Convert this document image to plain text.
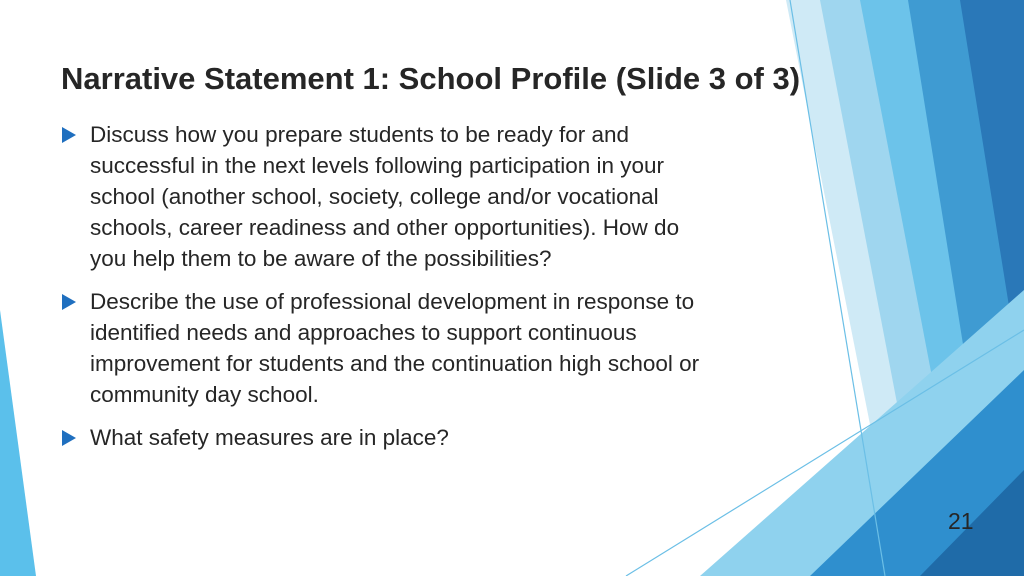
Narrative Statement 1: School Profile (Slide 3 of 3)
Discuss how you prepare students to be ready for and
successful in the next levels following participation in your
school (another school, society, college and/or vocational
schools, career readiness and other opportunities). How do
you help them to be aware of the possibilities?
Describe the use of professional development in response to
identified needs and approaches to support continuous
improvement for students and the continuation high school or
community day school.
What safety measures are in place?
21
